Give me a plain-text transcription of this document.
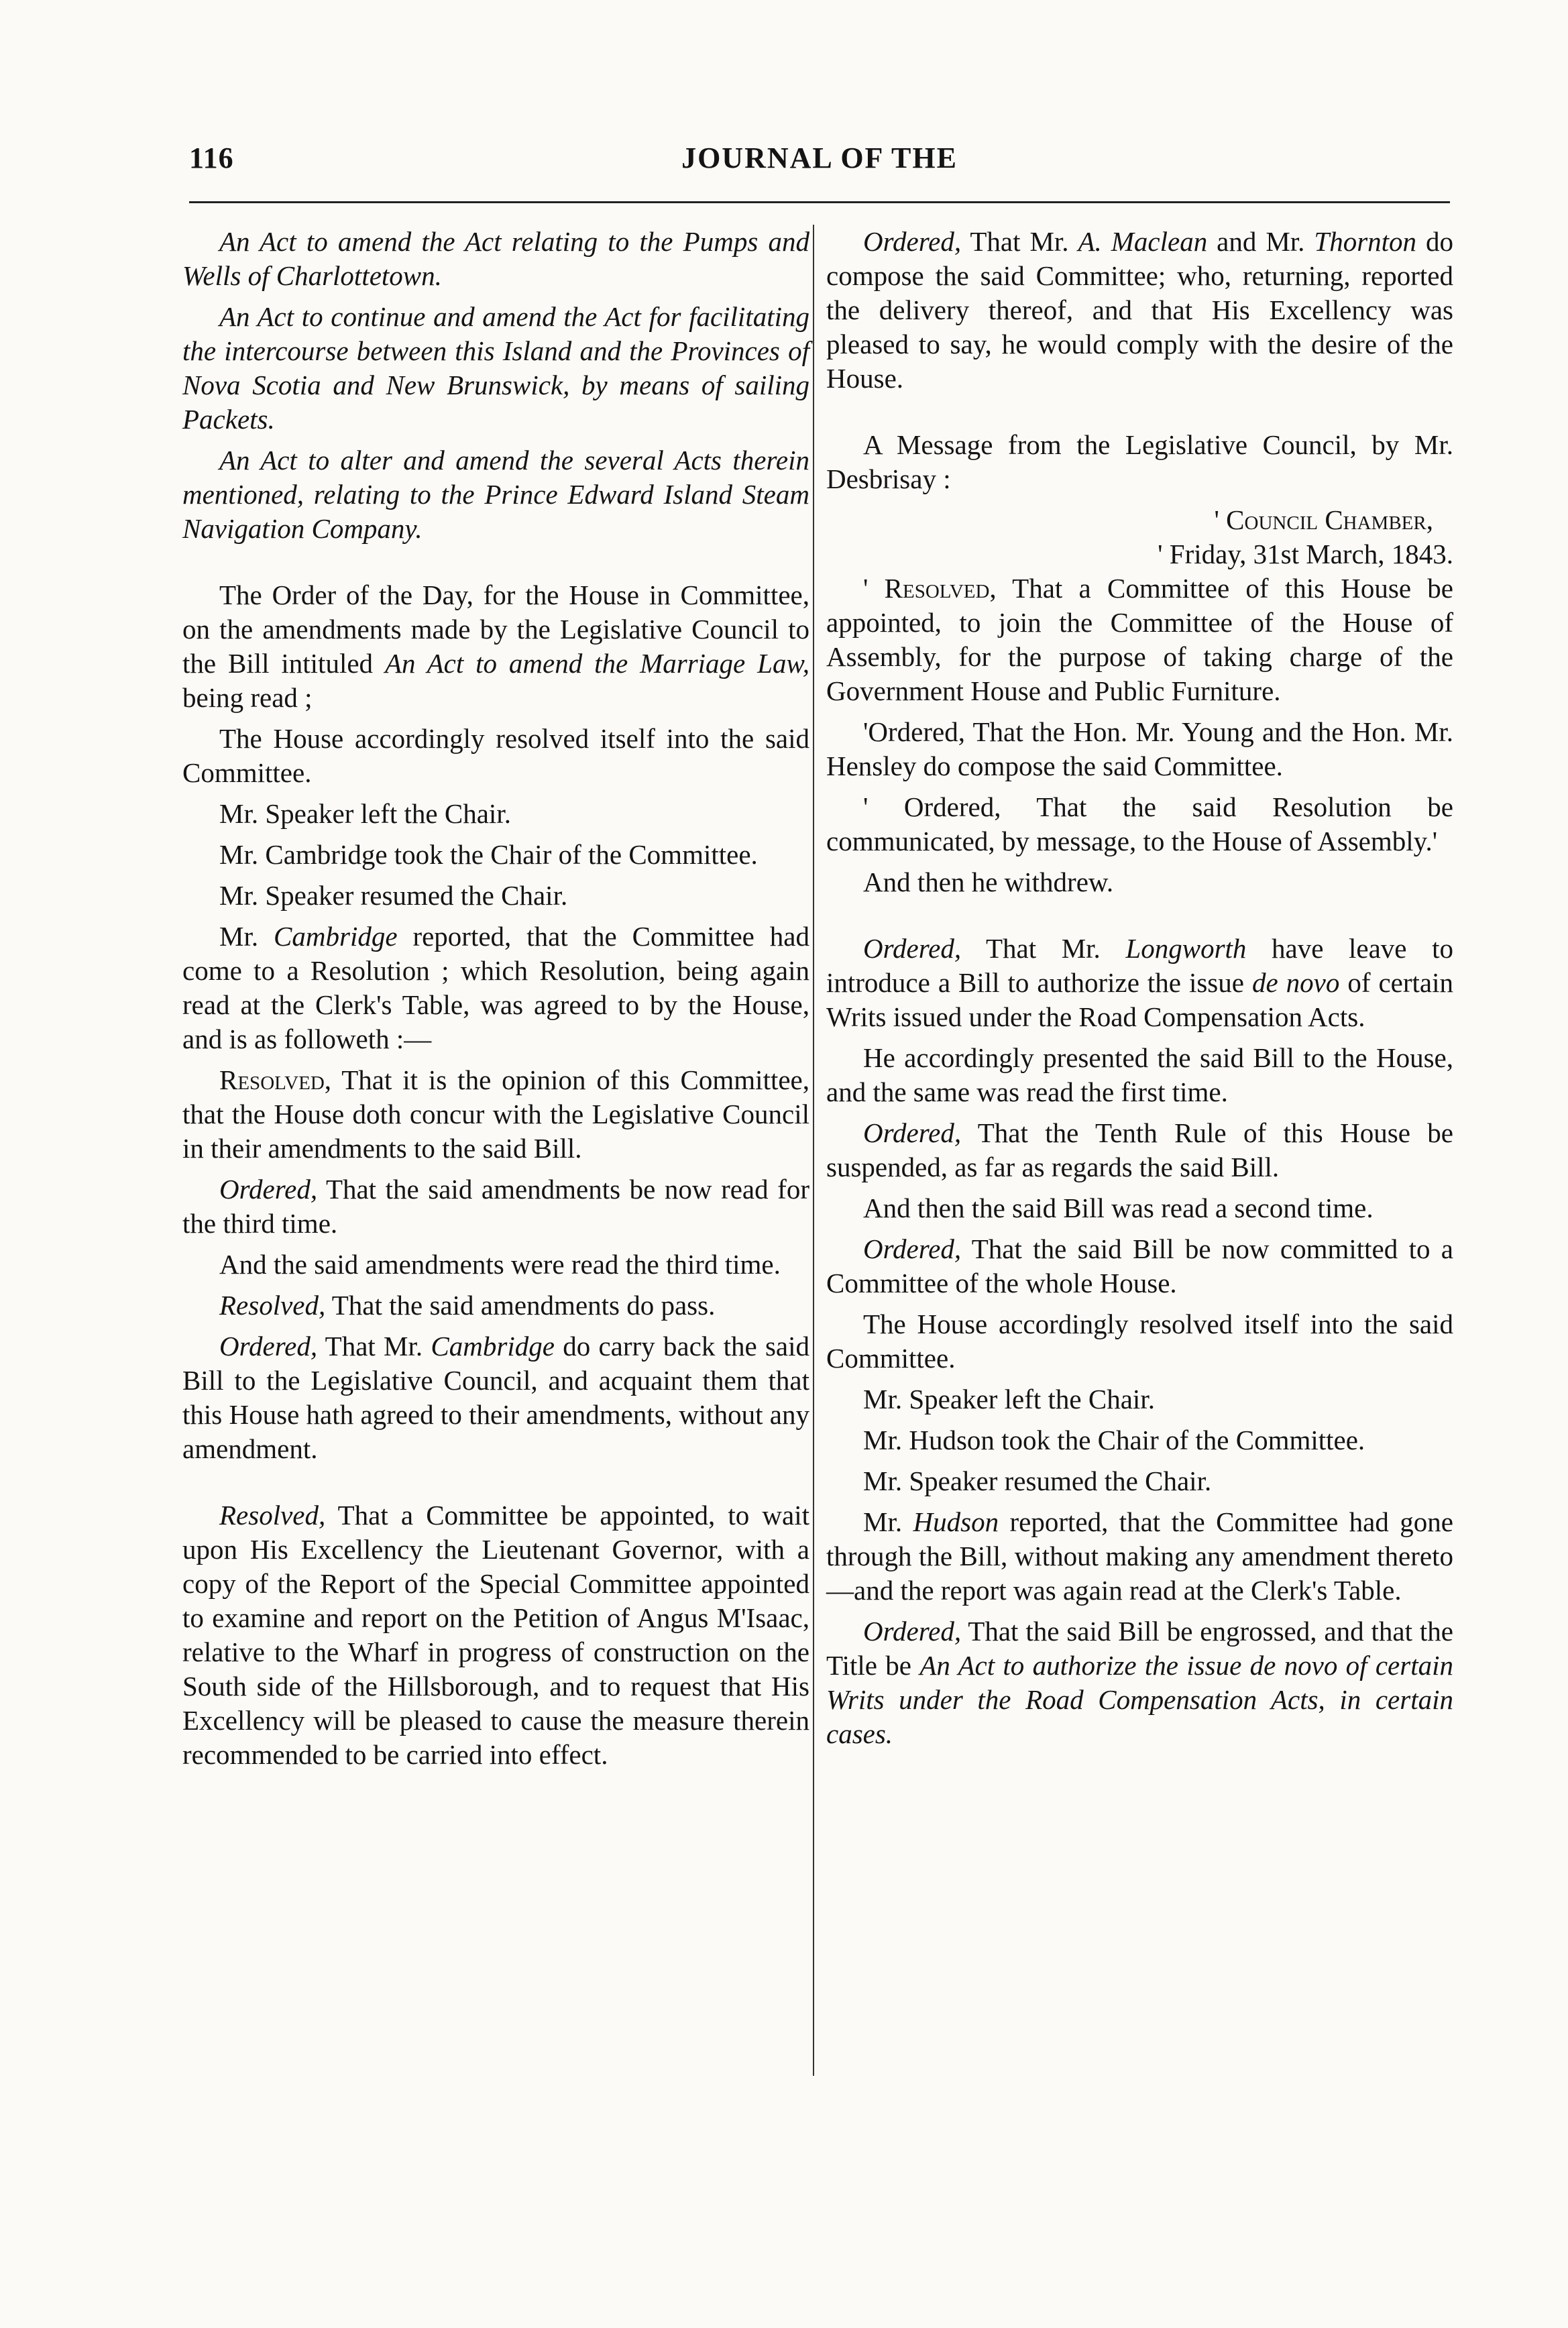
116	JOURNAL OF THE

An Act to amend the Act relating to the Pumps and Wells of Charlottetown.

An Act to continue and amend the Act for facilitating the intercourse between this Island and the Provinces of Nova Scotia and New Brunswick, by means of sailing Packets.

An Act to alter and amend the several Acts therein mentioned, relating to the Prince Edward Island Steam Navigation Company.

The Order of the Day, for the House in Committee, on the amendments made by the Legislative Council to the Bill intituled An Act to amend the Marriage Law, being read ;

The House accordingly resolved itself into the said Committee.

Mr. Speaker left the Chair.

Mr. Cambridge took the Chair of the Committee.

Mr. Speaker resumed the Chair.

Mr. Cambridge reported, that the Committee had come to a Resolution ; which Resolution, being again read at the Clerk's Table, was agreed to by the House, and is as followeth :—

Resolved, That it is the opinion of this Committee, that the House doth concur with the Legislative Council in their amendments to the said Bill.

Ordered, That the said amendments be now read for the third time.

And the said amendments were read the third time.

Resolved, That the said amendments do pass.

Ordered, That Mr. Cambridge do carry back the said Bill to the Legislative Council, and acquaint them that this House hath agreed to their amendments, without any amendment.

Resolved, That a Committee be appointed, to wait upon His Excellency the Lieutenant Governor, with a copy of the Report of the Special Committee appointed to examine and report on the Petition of Angus M'Isaac, relative to the Wharf in progress of construction on the South side of the Hillsborough, and to request that His Excellency will be pleased to cause the measure therein recommended to be carried into effect.

Ordered, That Mr. A. Maclean and Mr. Thornton do compose the said Committee; who, returning, reported the delivery thereof, and that His Excellency was pleased to say, he would comply with the desire of the House.

A Message from the Legislative Council, by Mr. Desbrisay :

' Council Chamber,

' Friday, 31st March, 1843.

' Resolved, That a Committee of this House be appointed, to join the Committee of the House of Assembly, for the purpose of taking charge of the Government House and Public Furniture.

'Ordered, That the Hon. Mr. Young and the Hon. Mr. Hensley do compose the said Committee.

' Ordered, That the said Resolution be communicated, by message, to the House of Assembly.'

And then he withdrew.

Ordered, That Mr. Longworth have leave to introduce a Bill to authorize the issue de novo of certain Writs issued under the Road Compensation Acts.

He accordingly presented the said Bill to the House, and the same was read the first time.

Ordered, That the Tenth Rule of this House be suspended, as far as regards the said Bill.

And then the said Bill was read a second time.

Ordered, That the said Bill be now committed to a Committee of the whole House.

The House accordingly resolved itself into the said Committee.

Mr. Speaker left the Chair.

Mr. Hudson took the Chair of the Committee.

Mr. Speaker resumed the Chair.

Mr. Hudson reported, that the Committee had gone through the Bill, without making any amendment thereto—and the report was again read at the Clerk's Table.

Ordered, That the said Bill be engrossed, and that the Title be An Act to authorize the issue de novo of certain Writs under the Road Compensation Acts, in certain cases.
